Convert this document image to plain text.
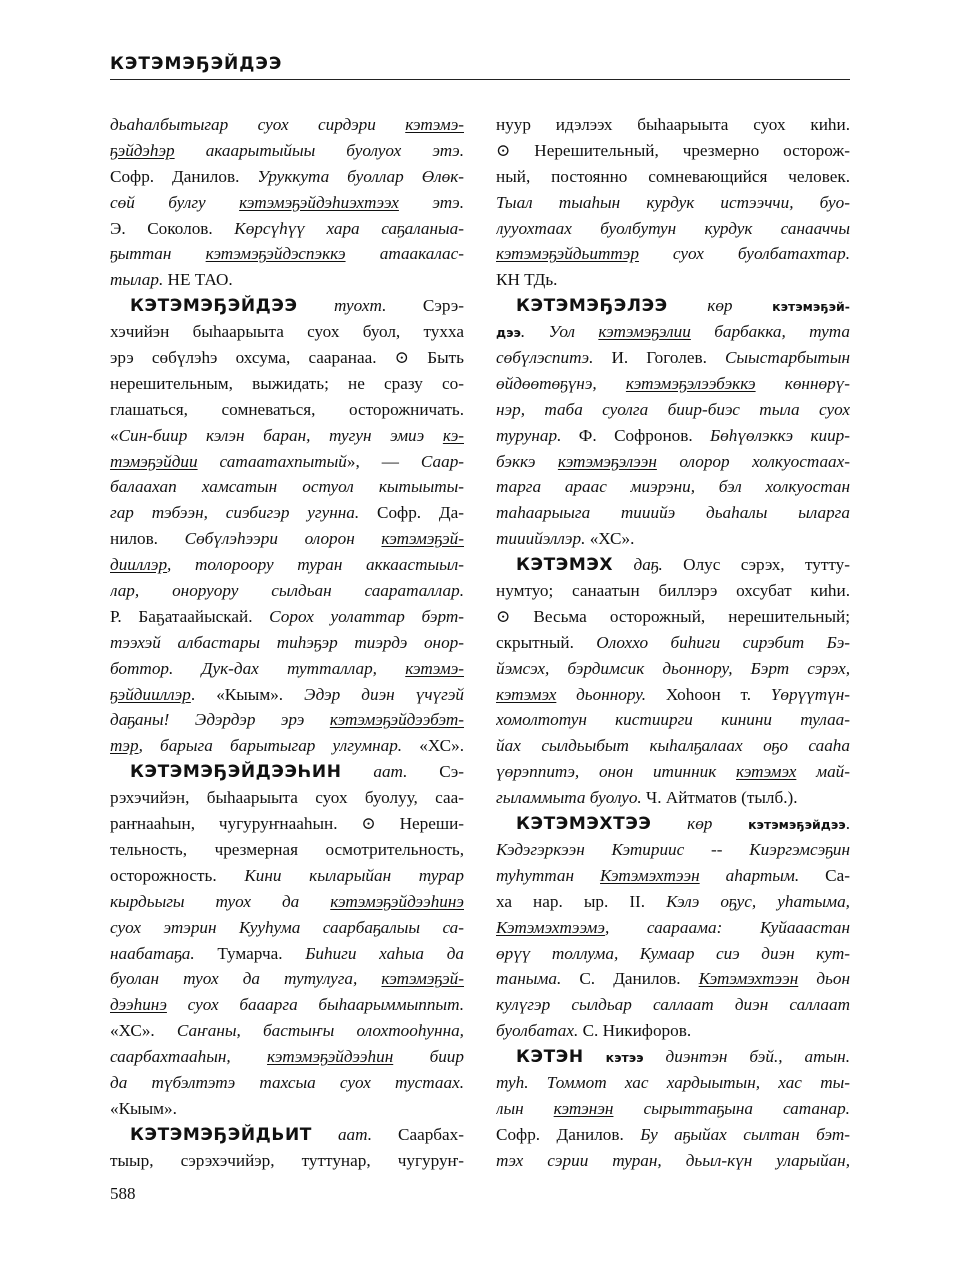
КЭТЭМЭҔЭЙДЭЭ
дьаһалбытыгар суох сирдэри кэтэмэ-
ҕэйдэһэр акаарытыйыы буолуох этэ.
Софр. Данилов. Уруккута буоллар Өлөк-
сөй булгу кэтэмэҕэйдэһиэхтээх этэ.
Э. Соколов. Көрсүһүү хара саҕаланыа-
ҕыттан кэтэмэҕэйдэспэккэ атаакалас-
тылар. НЕ ТАО.
КЭТЭМЭҔЭЙДЭЭ туохт. Сэрэ-
хэчийэн быһаарыыта суох буол, тухха
эрэ сөбүлэһэ охсума, сааранаа. ⊙ Быть
нерешительным, выжидать; не сразу со-
глашаться, сомневаться, осторожничать.
«Син-биир кэлэн баран, тугун эмиэ кэ-
тэмэҕэйдии сатаатахпытый», — Саар-
балаахап хамсатын остуол кытыыты-
гар тэбээн, сиэбигэр угунна. Софр. Да-
нилов. Сөбүлэһээри олорон кэтэмэҕэй-
дииллэр, толороору туран аккаастыыл-
лар, оноруору сылдьан саараталлар.
Р. Баҕатаайыскай. Сорох уолаттар бэрт-
тээхэй албастары тиһэҕэр тиэрдэ онор-
боттор. Дук-дах тутталлар, кэтэмэ-
ҕэйдииллэр. «Кыым». Эдэр диэн үчүгэй
даҕаны! Эдэрдэр эрэ кэтэмэҕэйдээбэт-
тэр, барыга барытыгар улгумнар. «ХС».
КЭТЭМЭҔЭЙДЭЭҺИН аат. Сэ-
рэхэчийэн, быһаарыыта суох буолуу, саа-
раҥнааһын, чугуруҥнааһын. ⊙ Нереши-
тельность, чрезмерная осмотрительность,
осторожность. Кини кыларыйан турар
кырдьыгы туох да кэтэмэҕэйдээһинэ
суох этэрин Кууһума саарбаҕалыы са-
наабатаҕа. Тумарча. Биһиги хаһыа да
буолан туох да тутулуга, кэтэмэҕэй-
дээһинэ суох бааарга быһаарыммыппыт.
«ХС». Саҥаны, бастыҥы олохтооһунна,
саарбахтааһын, кэтэмэҕэйдээһин биир
да түбэлтэтэ тахсыа суох тустаах.
«Кыым».
КЭТЭМЭҔЭЙДЬИТ аат. Саарбах-
тыыр, сэрэхэчийэр, туттунар, чугуруҥ-
нуур идэлээх быһаарыыта суох киһи.
⊙ Нерешительный, чрезмерно осторож-
ный, постоянно сомневающийся человек.
Тыал тыаһын курдук истээччи, буо-
лууохтаах буолбутун курдук санааччы
кэтэмэҕэйдьиттэр суох буолбатахтар.
КН ТДь.
КЭТЭМЭҔЭЛЭЭ көр кэтэмэҕэй-
дээ. Уол кэтэмэҕэлии барбакка, тута
сөбүлэспитэ. И. Гоголев. Сыыстарбытын
өйдөөтөҕүнэ, кэтэмэҕэлээбэккэ көннөрү-
нэр, таба суолга биир-биэс тыла суох
турунар. Ф. Софронов. Бөһүөлэккэ киир-
бэккэ кэтэмэҕэлээн олорор холкуостаах-
тарга араас миэрэни, бэл холкуостан
таһаарыыга тииийэ дьаһалы ыларга
тииийэллэр. «ХС».
КЭТЭМЭХ даҕ. Олус сэрэх, тутту-
нумтуо; санаатын биллэрэ охсубат киһи.
⊙ Весьма осторожный, нерешительный;
скрытный. Олоххо биһиги сирэбит Бэ-
йэмсэх, бэрдимсик дьоннору, Бэрт сэрэх,
кэтэмэх дьоннору. Хоһоон т. Үөрүүтүн-
хомолтотун кистиирги кинини тулаа-
йах сылдьыбыт кыһалҕалаах оҕо сааһа
үөрэппитэ, онон итинник кэтэмэх май-
гыламмыта буолуо. Ч. Айтматов (тылб.).
КЭТЭМЭХТЭЭ көр кэтэмэҕэйдээ.
Кэдэгэркээн Кэтириис -- Киэргэмсэҕин
туһуттан Кэтэмэхтээн аһартым. Са-
ха нар. ыр. II. Кэлэ оҕус, уһатыма,
Кэтэмэхтээмэ, саараама: Куйааастан
өрүү толлума, Кумаар сиэ диэн кут-
таныма. С. Данилов. Кэтэмэхтээн дьон
кулүгэр сылдьар саллаат диэн саллаат
буолбатах. С. Никифоров.
КЭТЭН кэтээ диэнтэн бэй., атын.
туһ. Томмот хас хардыытын, хас ты-
лын кэтэнэн сырыттаҕына сатанар.
Софр. Данилов. Бу аҕыйах сылтан бэт-
тэх сэрии туран, дьыл-күн уларыйан,
588
